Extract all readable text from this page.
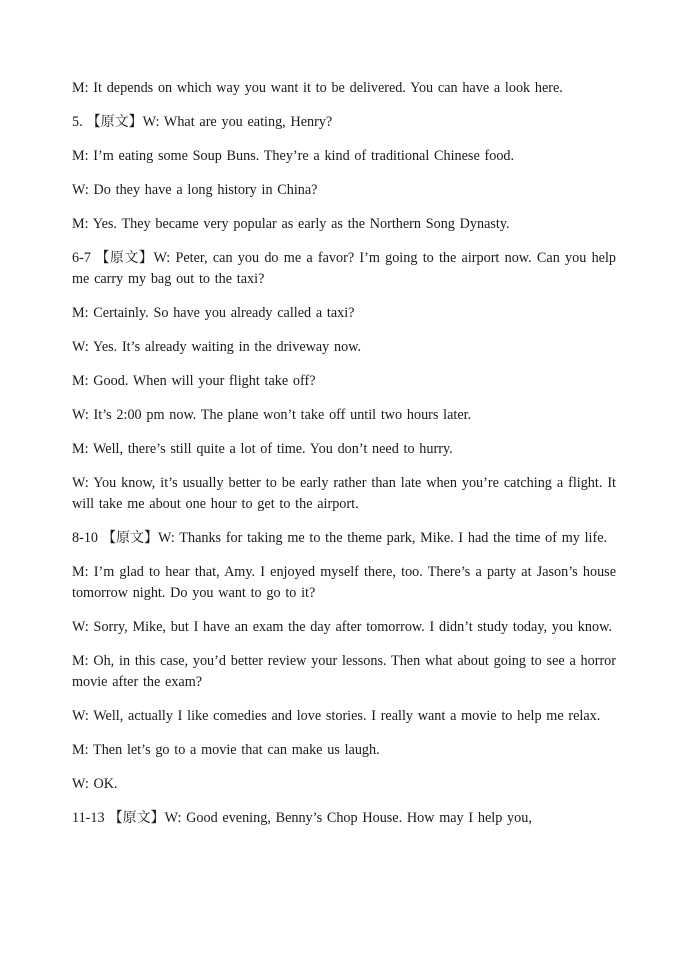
M: It depends on which way you want it to be delivered. You can have a look here.

5. 【原文】W: What are you eating, Henry?

M: I’m eating some Soup Buns. They’re a kind of traditional Chinese food.

W: Do they have a long history in China?

M: Yes. They became very popular as early as the Northern Song Dynasty.

6-7 【原文】W: Peter, can you do me a favor? I’m going to the airport now. Can you help me carry my bag out to the taxi?

M: Certainly. So have you already called a taxi?

W: Yes. It’s already waiting in the driveway now.

M: Good. When will your flight take off?

W: It’s 2:00 pm now. The plane won’t take off until two hours later.

M: Well, there’s still quite a lot of time. You don’t need to hurry.

W: You know, it’s usually better to be early rather than late when you’re catching a flight. It will take me about one hour to get to the airport.

8-10 【原文】W: Thanks for taking me to the theme park, Mike. I had the time of my life.

M: I’m glad to hear that, Amy. I enjoyed myself there, too. There’s a party at Jason’s house tomorrow night. Do you want to go to it?

W: Sorry, Mike, but I have an exam the day after tomorrow. I didn’t study today, you know.

M: Oh, in this case, you’d better review your lessons. Then what about going to see a horror movie after the exam?

W: Well, actually I like comedies and love stories. I really want a movie to help me relax.

M: Then let’s go to a movie that can make us laugh.

W: OK.

11-13 【原文】W: Good evening, Benny’s Chop House. How may I help you,
